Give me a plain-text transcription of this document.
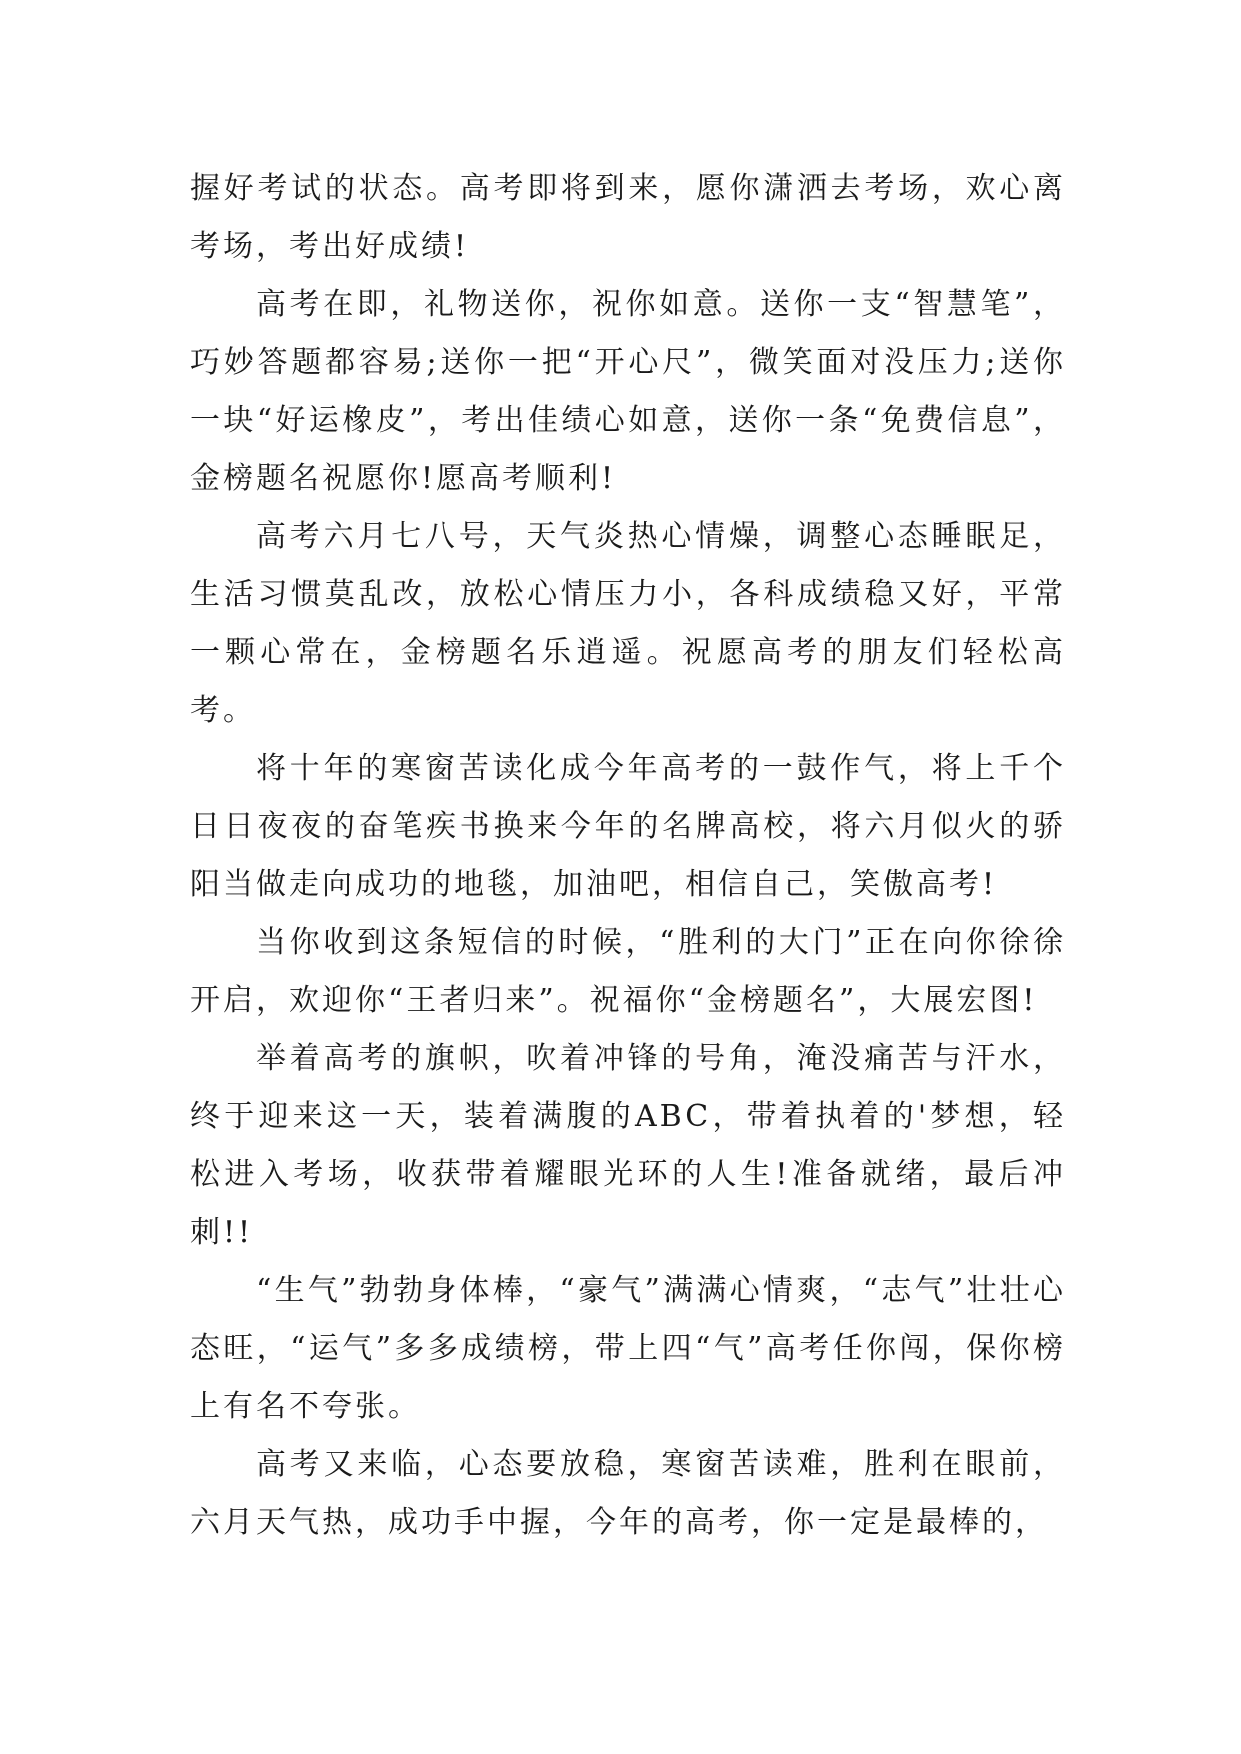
握好考试的状态。高考即将到来，愿你潇洒去考场，欢心离考场，考出好成绩!

高考在即，礼物送你，祝你如意。送你一支“智慧笔”，巧妙答题都容易;送你一把“开心尺”，微笑面对没压力;送你一块“好运橡皮”，考出佳绩心如意，送你一条“免费信息”，金榜题名祝愿你!愿高考顺利!

高考六月七八号，天气炎热心情燥，调整心态睡眠足，生活习惯莫乱改，放松心情压力小，各科成绩稳又好，平常一颗心常在，金榜题名乐逍遥。祝愿高考的朋友们轻松高考。

将十年的寒窗苦读化成今年高考的一鼓作气，将上千个日日夜夜的奋笔疾书换来今年的名牌高校，将六月似火的骄阳当做走向成功的地毯，加油吧，相信自己，笑傲高考!

当你收到这条短信的时候，“胜利的大门”正在向你徐徐开启，欢迎你“王者归来”。祝福你“金榜题名”，大展宏图!

举着高考的旗帜，吹着冲锋的号角，淹没痛苦与汗水，终于迎来这一天，装着满腹的ABC，带着执着的'梦想，轻松进入考场，收获带着耀眼光环的人生!准备就绪，最后冲刺!!

“生气”勃勃身体棒，“豪气”满满心情爽，“志气”壮壮心态旺，“运气”多多成绩榜，带上四“气”高考任你闯，保你榜上有名不夸张。

高考又来临，心态要放稳，寒窗苦读难，胜利在眼前，六月天气热，成功手中握，今年的高考，你一定是最棒的，
